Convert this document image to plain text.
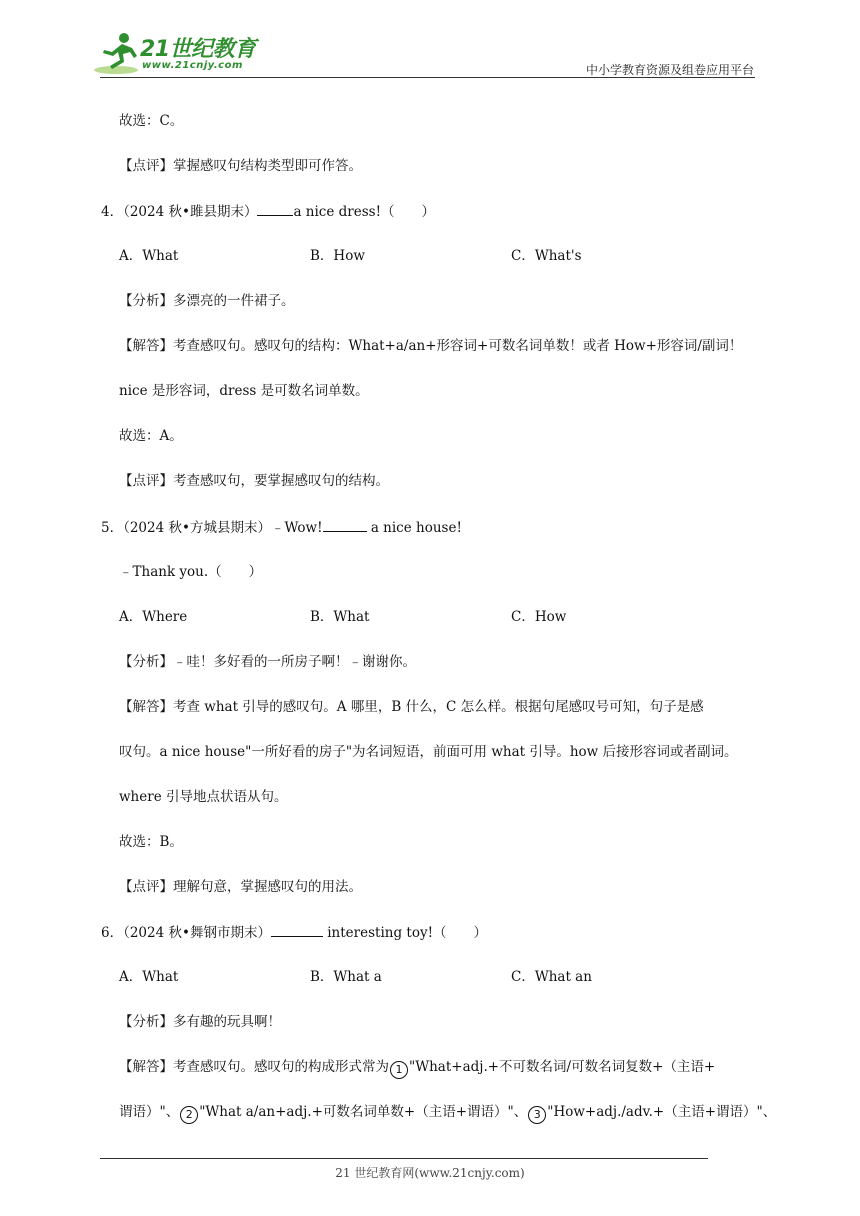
21世纪教育
www.21cnjy.com	中小学教育资源及组卷应用平台
故选：C。
【点评】掌握感叹句结构类型即可作答。
4．（2024 秋•雎县期末）	a nice dress!（　　）
A．What	B．How	C．What's
【分析】多漂亮的一件裙子。
【解答】考查感叹句。感叹句的结构：What+a/an+形容词+可数名词单数！或者 How+形容词/副词！
nice 是形容词，dress 是可数名词单数。
故选：A。
【点评】考查感叹句，要掌握感叹句的结构。
5．（2024 秋•方城县期末）﹣Wow!	a nice house!
﹣Thank you.（　　）
A．Where	B．What	C．How
【分析】﹣哇！多好看的一所房子啊！﹣谢谢你。
【解答】考查 what 引导的感叹句。A 哪里，B 什么，C 怎么样。根据句尾感叹号可知，句子是感
叹句。a nice house"一所好看的房子"为名词短语，前面可用 what 引导。how 后接形容词或者副词。
where 引导地点状语从句。
故选：B。
【点评】理解句意，掌握感叹句的用法。
6．（2024 秋•舞钢市期末）	interesting toy!（　　）
A．What	B．What a	C．What an
【分析】多有趣的玩具啊！
【解答】考查感叹句。感叹句的构成形式常为 1 "What+adj.+不可数名词/可数名词复数+（主语+
谓语）"、 2 "What a/an+adj.+可数名词单数+（主语+谓语）"、 3 "How+adj./adv.+（主语+谓语）"、
21 世纪教育网(www.21cnjy.com)
